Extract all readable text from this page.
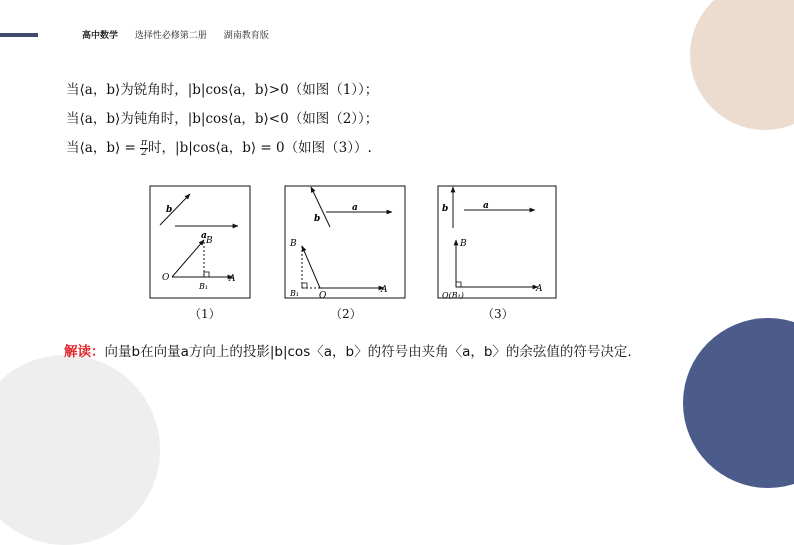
高中数学 选择性必修第二册 湖南教育版
当⟨a，b⟩为锐角时，|b|cos⟨a，b⟩>0（如图（1））；
当⟨a，b⟩为钝角时，|b|cos⟨a，b⟩<0（如图（2））；
当⟨a，b⟩ = $\frac{\pi}{2}$ 时，|b|cos⟨a，b⟩ = 0（如图（3））.
b
a B
O	A
B₁
b
a
B
B₁ O
A
b	a
B
O(B₁)
A
（1）	（2）	（3）
解读：向量b在向量a方向上的投影|b|cos〈a，b〉的符号由夹角〈a，b〉的余弦值的符号决定.
